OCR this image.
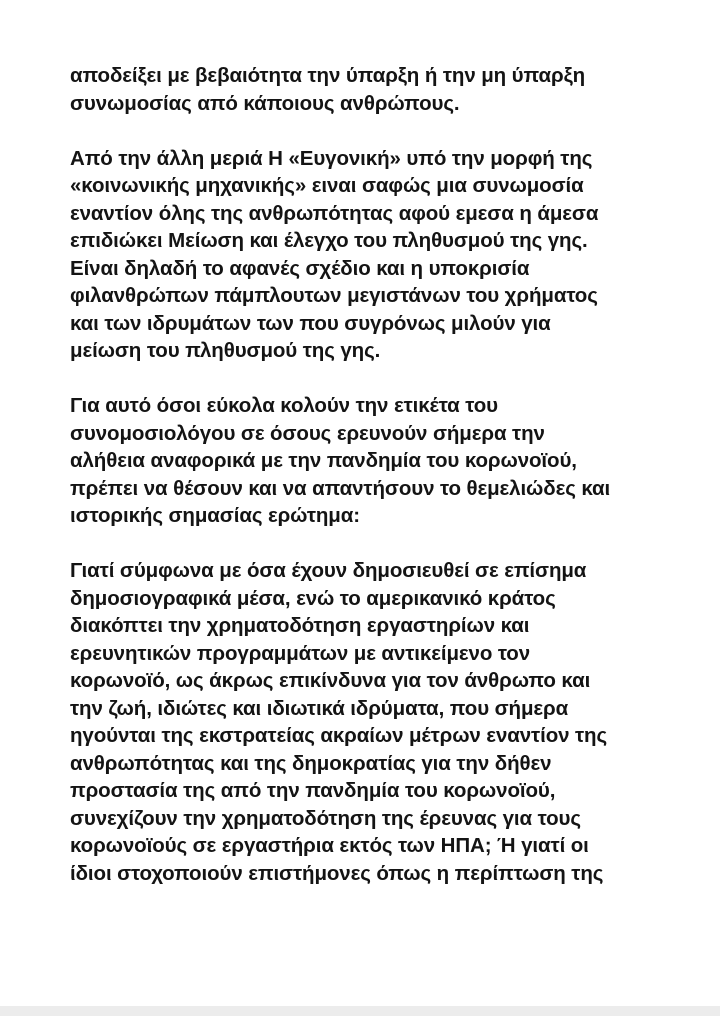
αποδείξει με βεβαιότητα την ύπαρξη ή την μη ύπαρξη
συνωμοσίας από κάποιους ανθρώπους.

Από την άλλη μεριά Η «Ευγονική» υπό την μορφή της
«κοινωνικής μηχανικής» ειναι σαφώς μια συνωμοσία
εναντίον όλης της ανθρωπότητας αφού εμεσα η άμεσα
επιδιώκει Μείωση και έλεγχο του πληθυσμού της γης.
Είναι δηλαδή το αφανές σχέδιο και η υποκρισία
φιλανθρώπων πάμπλουτων μεγιστάνων του χρήματος
και των ιδρυμάτων των που συγρόνως μιλούν για
μείωση του πληθυσμού της γης.

Για αυτό όσοι εύκολα κολούν την ετικέτα του
συνομοσιολόγου σε όσους ερευνούν σήμερα την
αλήθεια αναφορικά με την πανδημία του κορωνοϊού,
πρέπει να θέσουν και να απαντήσουν το θεμελιώδες και
ιστορικής σημασίας ερώτημα:

Γιατί σύμφωνα με όσα έχουν δημοσιευθεί σε επίσημα
δημοσιογραφικά μέσα, ενώ το αμερικανικό κράτος
διακόπτει την χρηματοδότηση εργαστηρίων και
ερευνητικών προγραμμάτων με αντικείμενο τον
κορωνοϊό, ως άκρως επικίνδυνα για τον άνθρωπο και
την ζωή, ιδιώτες και ιδιωτικά ιδρύματα, που σήμερα
ηγούνται της εκστρατείας ακραίων μέτρων εναντίον της
ανθρωπότητας και της δημοκρατίας για την δήθεν
προστασία της από την πανδημία του κορωνοϊού,
συνεχίζουν την χρηματοδότηση της έρευνας για τους
κορωνοϊούς σε εργαστήρια εκτός των ΗΠΑ; Ή γιατί οι
ίδιοι στοχοποιούν επιστήμονες όπως η περίπτωση της
